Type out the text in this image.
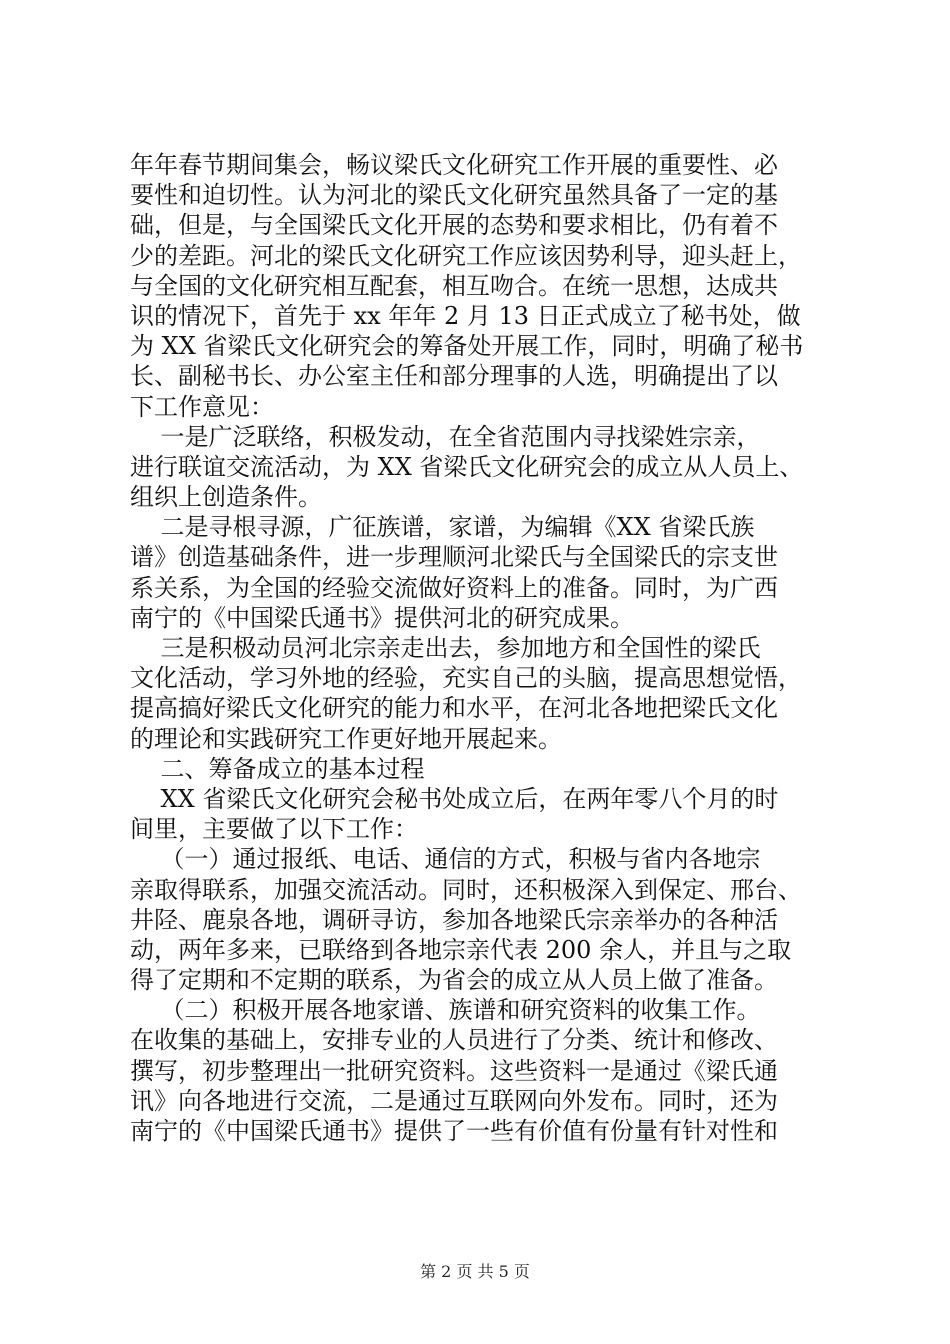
年年春节期间集会，畅议梁氏文化研究工作开展的重要性、必
要性和迫切性。认为河北的梁氏文化研究虽然具备了一定的基
础，但是，与全国梁氏文化开展的态势和要求相比，仍有着不
少的差距。河北的梁氏文化研究工作应该因势利导，迎头赶上，
与全国的文化研究相互配套，相互吻合。在统一思想，达成共
识的情况下，首先于 xx 年年 2 月 13 日正式成立了秘书处，做
为 XX 省梁氏文化研究会的筹备处开展工作，同时，明确了秘书
长、副秘书长、办公室主任和部分理事的人选，明确提出了以
下工作意见：
一是广泛联络，积极发动，在全省范围内寻找梁姓宗亲，
进行联谊交流活动，为 XX 省梁氏文化研究会的成立从人员上、
组织上创造条件。
二是寻根寻源，广征族谱，家谱，为编辑《XX 省梁氏族
谱》创造基础条件，进一步理顺河北梁氏与全国梁氏的宗支世
系关系，为全国的经验交流做好资料上的准备。同时，为广西
南宁的《中国梁氏通书》提供河北的研究成果。
三是积极动员河北宗亲走出去，参加地方和全国性的梁氏
文化活动，学习外地的经验，充实自己的头脑，提高思想觉悟，
提高搞好梁氏文化研究的能力和水平，在河北各地把梁氏文化
的理论和实践研究工作更好地开展起来。
二、筹备成立的基本过程
XX 省梁氏文化研究会秘书处成立后，在两年零八个月的时
间里，主要做了以下工作：
（一）通过报纸、电话、通信的方式，积极与省内各地宗
亲取得联系，加强交流活动。同时，还积极深入到保定、邢台、
井陉、鹿泉各地，调研寻访，参加各地梁氏宗亲举办的各种活
动，两年多来，已联络到各地宗亲代表 200 余人，并且与之取
得了定期和不定期的联系，为省会的成立从人员上做了准备。
（二）积极开展各地家谱、族谱和研究资料的收集工作。
在收集的基础上，安排专业的人员进行了分类、统计和修改、
撰写，初步整理出一批研究资料。这些资料一是通过《梁氏通
讯》向各地进行交流，二是通过互联网向外发布。同时，还为
南宁的《中国梁氏通书》提供了一些有价值有份量有针对性和
第 2 页 共 5 页
